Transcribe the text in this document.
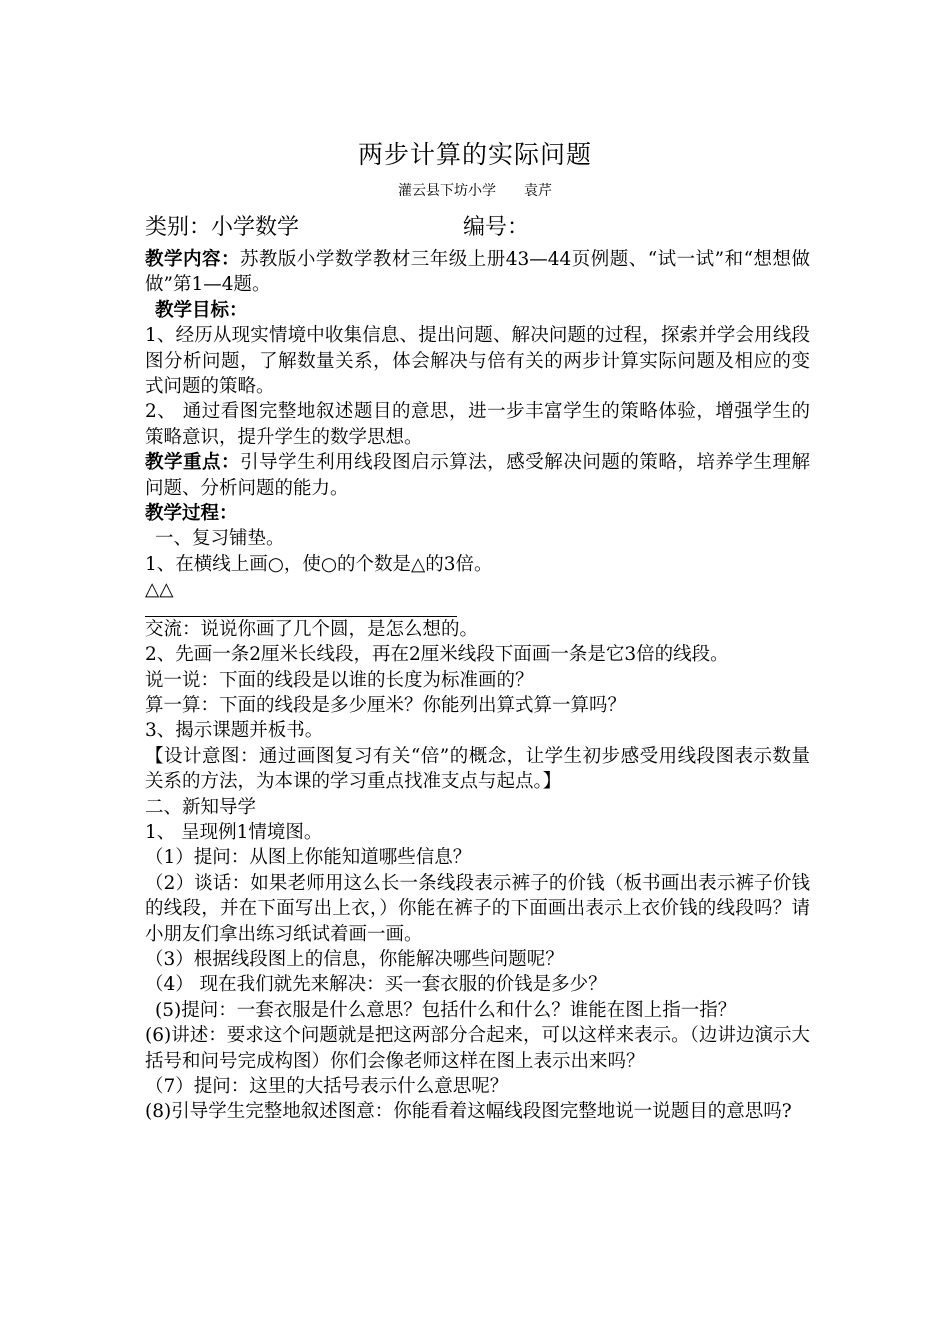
两步计算的实际问题
灌云县下坊小学 袁芹
类别：小学数学	编号：

教学内容：苏教版小学数学教材三年级上册43—44页例题、“试一试”和“想想做做”第1—4题。

教学目标：

1、经历从现实情境中收集信息、提出问题、解决问题的过程，探索并学会用线段图分析问题，了解数量关系，体会解决与倍有关的两步计算实际问题及相应的变式问题的策略。

2、 通过看图完整地叙述题目的意思，进一步丰富学生的策略体验，增强学生的策略意识，提升学生的数学思想。

教学重点：引导学生利用线段图启示算法，感受解决问题的策略，培养学生理解问题、分析问题的能力。

教学过程：

一、复习铺垫。

1、在横线上画○，使○的个数是△的3倍。

△△

交流：说说你画了几个圆，是怎么想的。

2、先画一条2厘米长线段，再在2厘米线段下面画一条是它3倍的线段。

说一说：下面的线段是以谁的长度为标准画的？

算一算：下面的线段是多少厘米？你能列出算式算一算吗？

3、揭示课题并板书。

【设计意图：通过画图复习有关“倍”的概念，让学生初步感受用线段图表示数量关系的方法，为本课的学习重点找准支点与起点。】

二、新知导学

1、 呈现例1情境图。

（1）提问：从图上你能知道哪些信息？

（2）谈话：如果老师用这么长一条线段表示裤子的价钱（板书画出表示裤子价钱的线段，并在下面写出上衣，）你能在裤子的下面画出表示上衣价钱的线段吗？请小朋友们拿出练习纸试着画一画。

（3）根据线段图上的信息，你能解决哪些问题呢？

（4） 现在我们就先来解决：买一套衣服的价钱是多少？

(5)提问：一套衣服是什么意思？包括什么和什么？谁能在图上指一指？

(6)讲述：要求这个问题就是把这两部分合起来，可以这样来表示。（边讲边演示大括号和问号完成构图）你们会像老师这样在图上表示出来吗？

（7）提问：这里的大括号表示什么意思呢？

(8)引导学生完整地叙述图意：你能看着这幅线段图完整地说一说题目的意思吗?
